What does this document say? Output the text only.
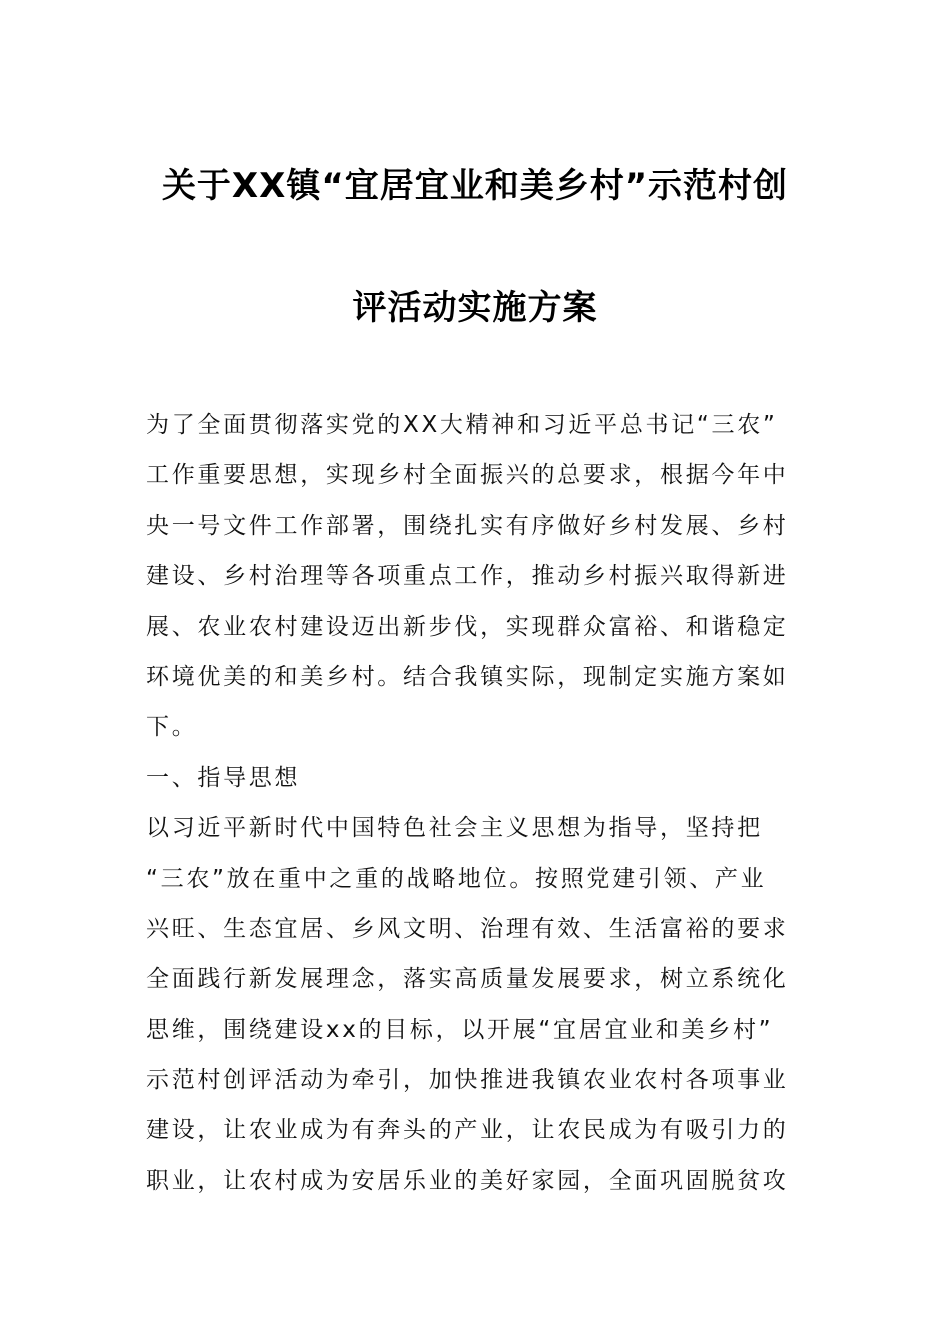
关于XX镇“宜居宜业和美乡村”示范村创
评活动实施方案
为了全面贯彻落实党的XX大精神和习近平总书记“三农”
工作重要思想，实现乡村全面振兴的总要求，根据今年中
央一号文件工作部署，围绕扎实有序做好乡村发展、乡村
建设、乡村治理等各项重点工作，推动乡村振兴取得新进
展、农业农村建设迈出新步伐，实现群众富裕、和谐稳定
环境优美的和美乡村。结合我镇实际，现制定实施方案如
下。
一、指导思想
以习近平新时代中国特色社会主义思想为指导，坚持把
“三农”放在重中之重的战略地位。按照党建引领、产业
兴旺、生态宜居、乡风文明、治理有效、生活富裕的要求
全面践行新发展理念，落实高质量发展要求，树立系统化
思维，围绕建设xx的目标，以开展“宜居宜业和美乡村”
示范村创评活动为牵引，加快推进我镇农业农村各项事业
建设，让农业成为有奔头的产业，让农民成为有吸引力的
职业，让农村成为安居乐业的美好家园，全面巩固脱贫攻
